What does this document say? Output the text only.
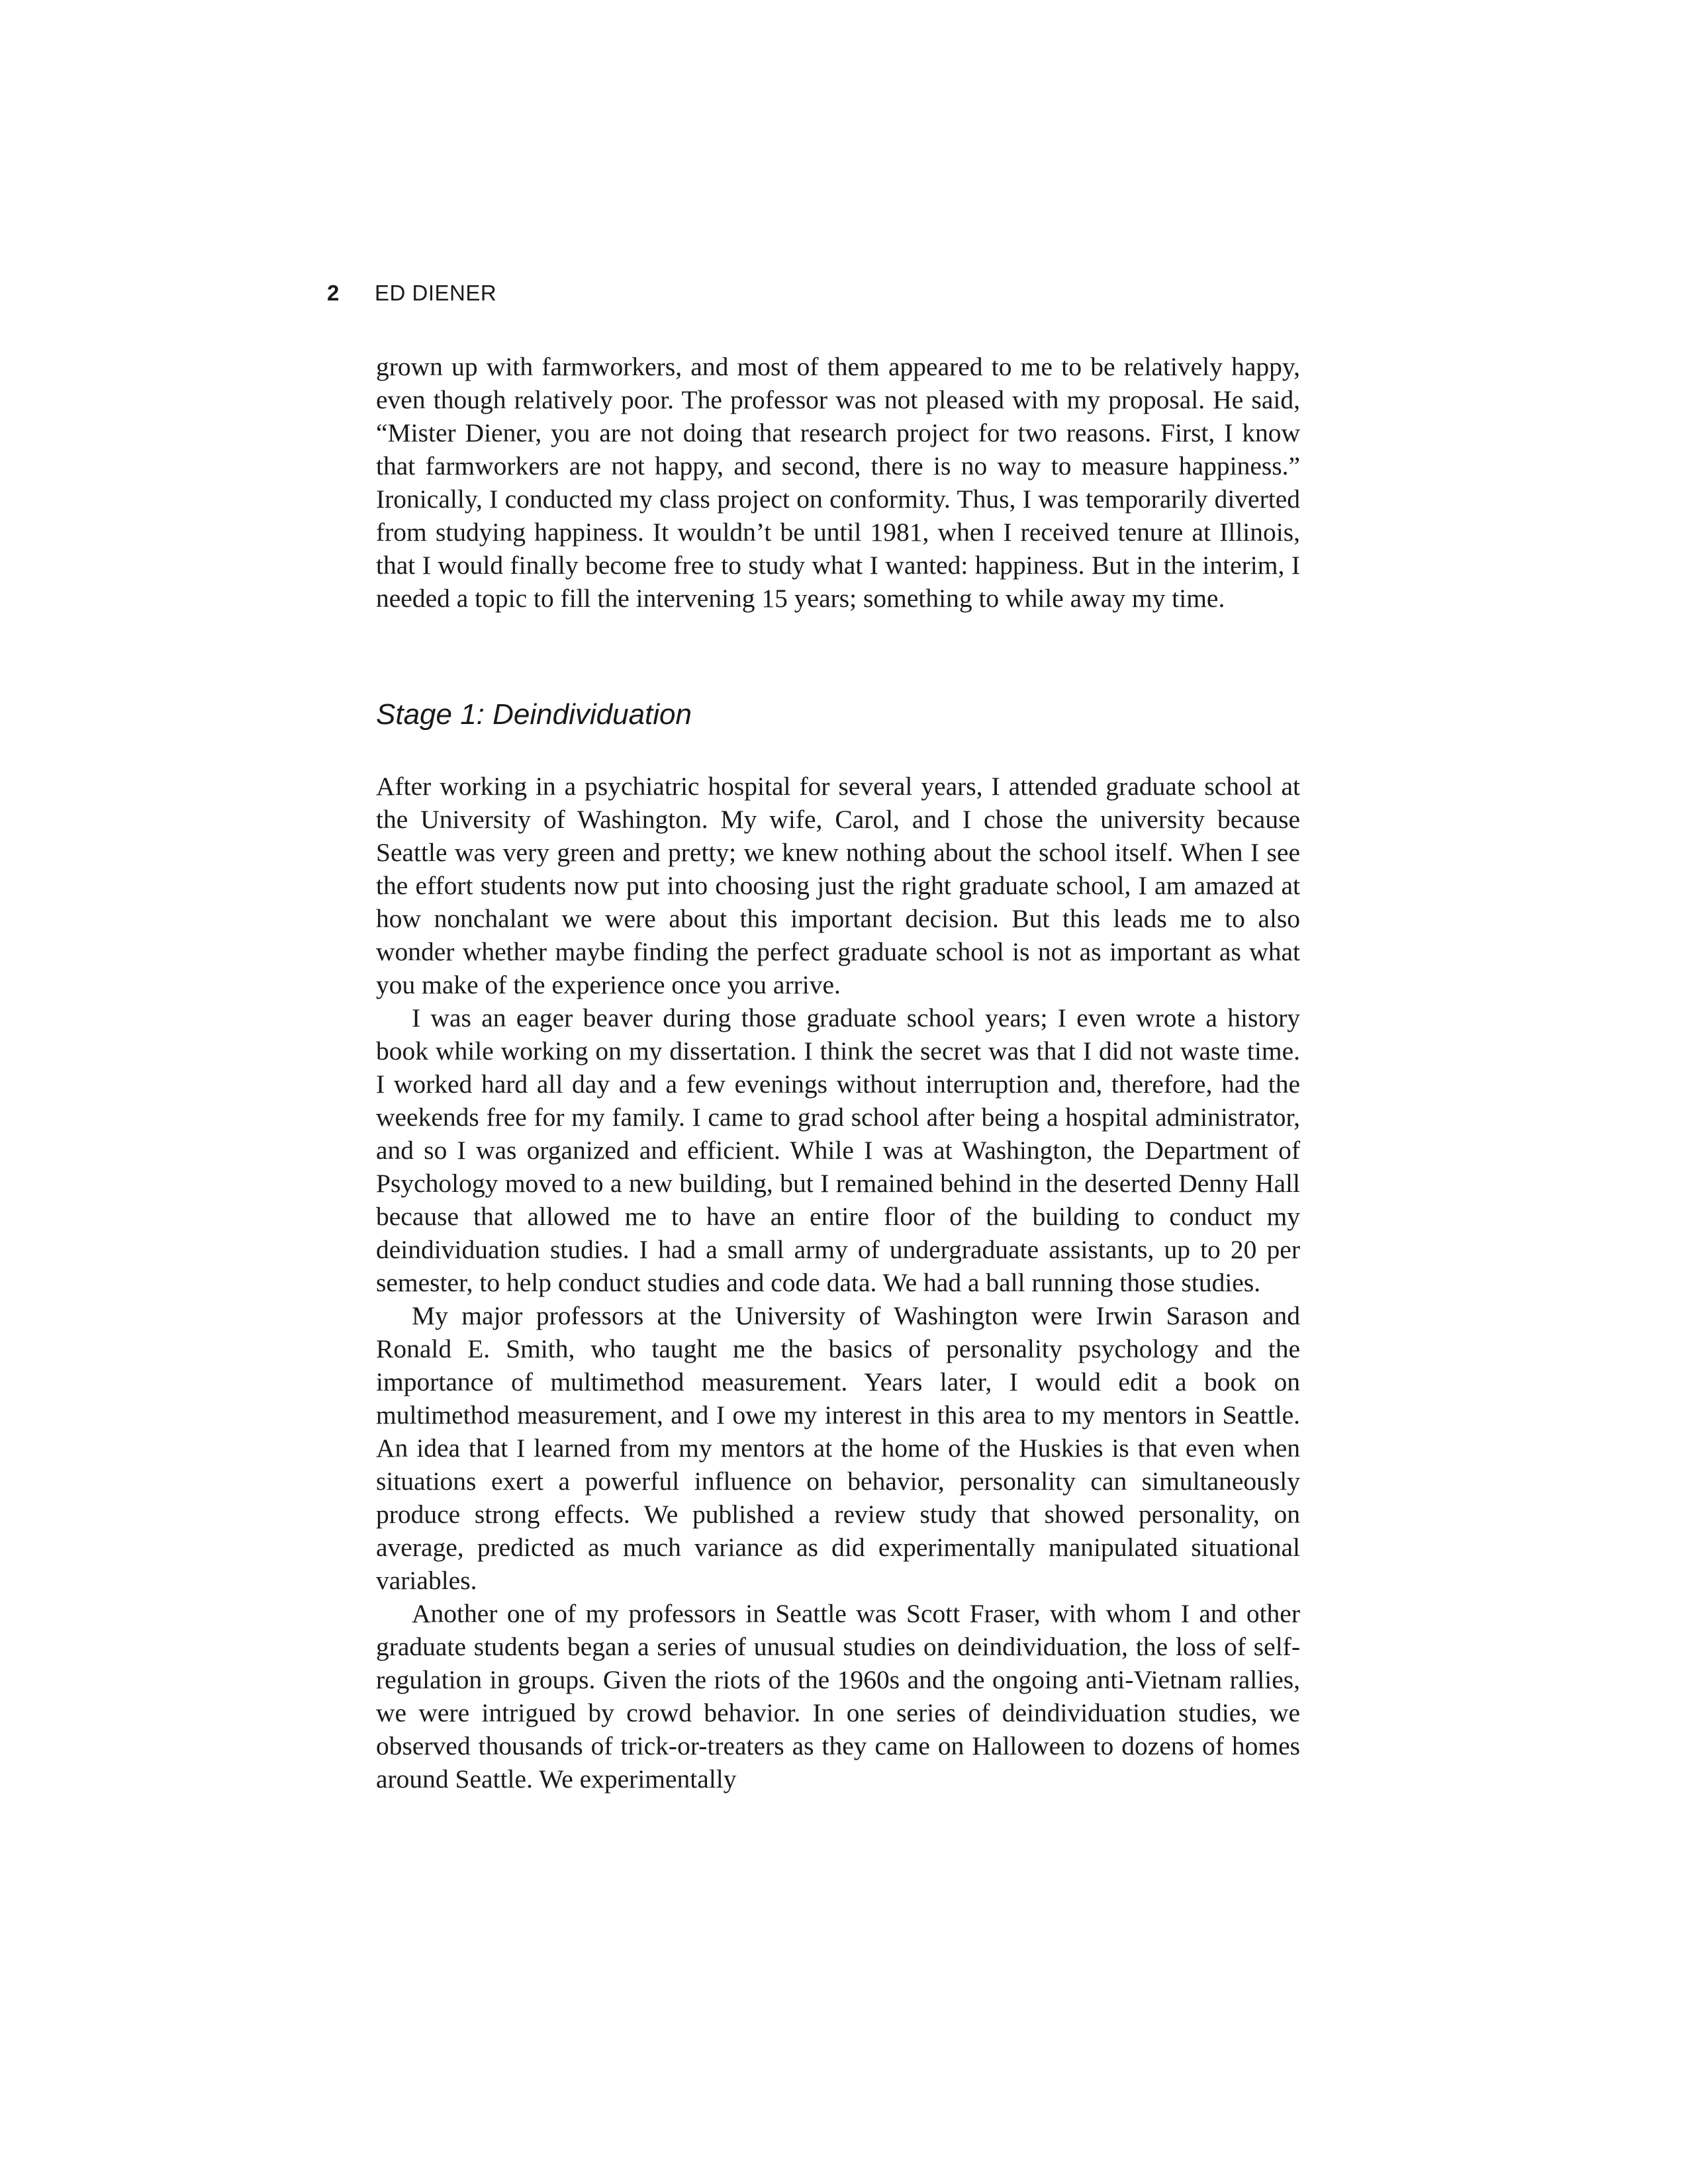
2 ED DIENER

grown up with farmworkers, and most of them appeared to me to be relatively happy, even though relatively poor. The professor was not pleased with my proposal. He said, “Mister Diener, you are not doing that research project for two reasons. First, I know that farmworkers are not happy, and second, there is no way to measure happiness.” Ironically, I conducted my class project on conformity. Thus, I was temporarily diverted from studying happiness. It wouldn’t be until 1981, when I received tenure at Illinois, that I would finally become free to study what I wanted: happiness. But in the interim, I needed a topic to fill the intervening 15 years; something to while away my time.

Stage 1: Deindividuation

After working in a psychiatric hospital for several years, I attended graduate school at the University of Washington. My wife, Carol, and I chose the university because Seattle was very green and pretty; we knew nothing about the school itself. When I see the effort students now put into choosing just the right graduate school, I am amazed at how nonchalant we were about this important decision. But this leads me to also wonder whether maybe finding the perfect graduate school is not as important as what you make of the experience once you arrive.

I was an eager beaver during those graduate school years; I even wrote a history book while working on my dissertation. I think the secret was that I did not waste time. I worked hard all day and a few evenings without interruption and, therefore, had the weekends free for my family. I came to grad school after being a hospital administrator, and so I was organized and efficient. While I was at Washington, the Department of Psychology moved to a new building, but I remained behind in the deserted Denny Hall because that allowed me to have an entire floor of the building to conduct my deindividuation studies. I had a small army of undergraduate assistants, up to 20 per semester, to help conduct studies and code data. We had a ball running those studies.

My major professors at the University of Washington were Irwin Sarason and Ronald E. Smith, who taught me the basics of personality psychology and the importance of multimethod measurement. Years later, I would edit a book on multimethod measurement, and I owe my interest in this area to my mentors in Seattle. An idea that I learned from my mentors at the home of the Huskies is that even when situations exert a powerful influence on behavior, personality can simultaneously produce strong effects. We published a review study that showed personality, on average, predicted as much variance as did experimentally manipulated situational variables.

Another one of my professors in Seattle was Scott Fraser, with whom I and other graduate students began a series of unusual studies on deindividuation, the loss of self-regulation in groups. Given the riots of the 1960s and the ongoing anti-Vietnam rallies, we were intrigued by crowd behavior. In one series of deindividuation studies, we observed thousands of trick-or-treaters as they came on Halloween to dozens of homes around Seattle. We experimentally
